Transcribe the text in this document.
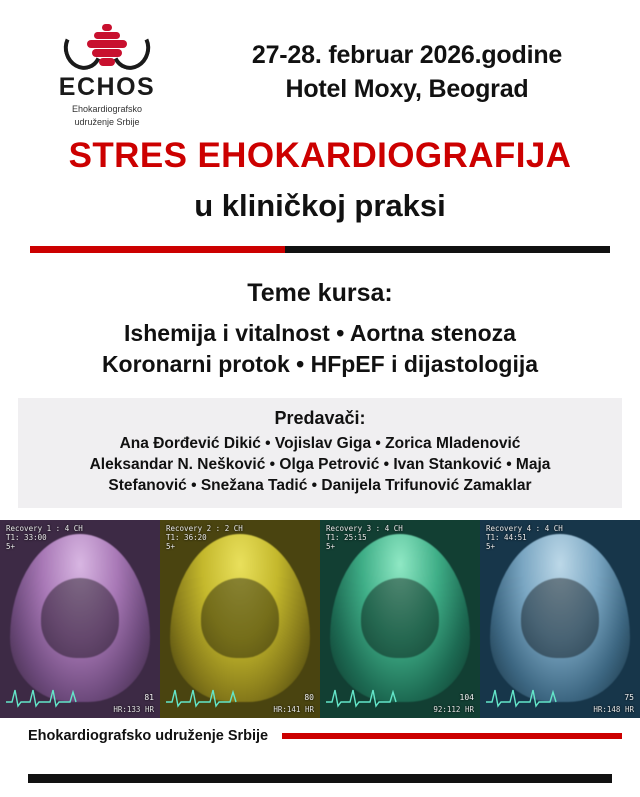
ECHOS
Ehokardiografsko
udruženje Srbije
27-28. februar 2026.godine
Hotel Moxy, Beograd
STRES EHOKARDIOGRAFIJA
u kliničkoj praksi
Teme kursa:
Ishemija i vitalnost • Aortna stenoza
Koronarni protok • HFpEF i dijastologija
Predavači:
Ana Đorđević Dikić • Vojislav Giga • Zorica Mladenović
Aleksandar N. Nešković • Olga Petrović • Ivan Stanković • Maja
Stefanović • Snežana Tadić • Danijela Trifunović Zamaklar
Recovery 1 : 4 CH
T1: 33:00
5+
81
HR:133 HR
Recovery 2 : 2 CH
T1: 36:20
5+
80
HR:141 HR
Recovery 3 : 4 CH
T1: 25:15
5+
104
92:112 HR
Recovery 4 : 4 CH
T1: 44:51
5+
75
HR:148 HR
Ehokardiografsko udruženje Srbije
